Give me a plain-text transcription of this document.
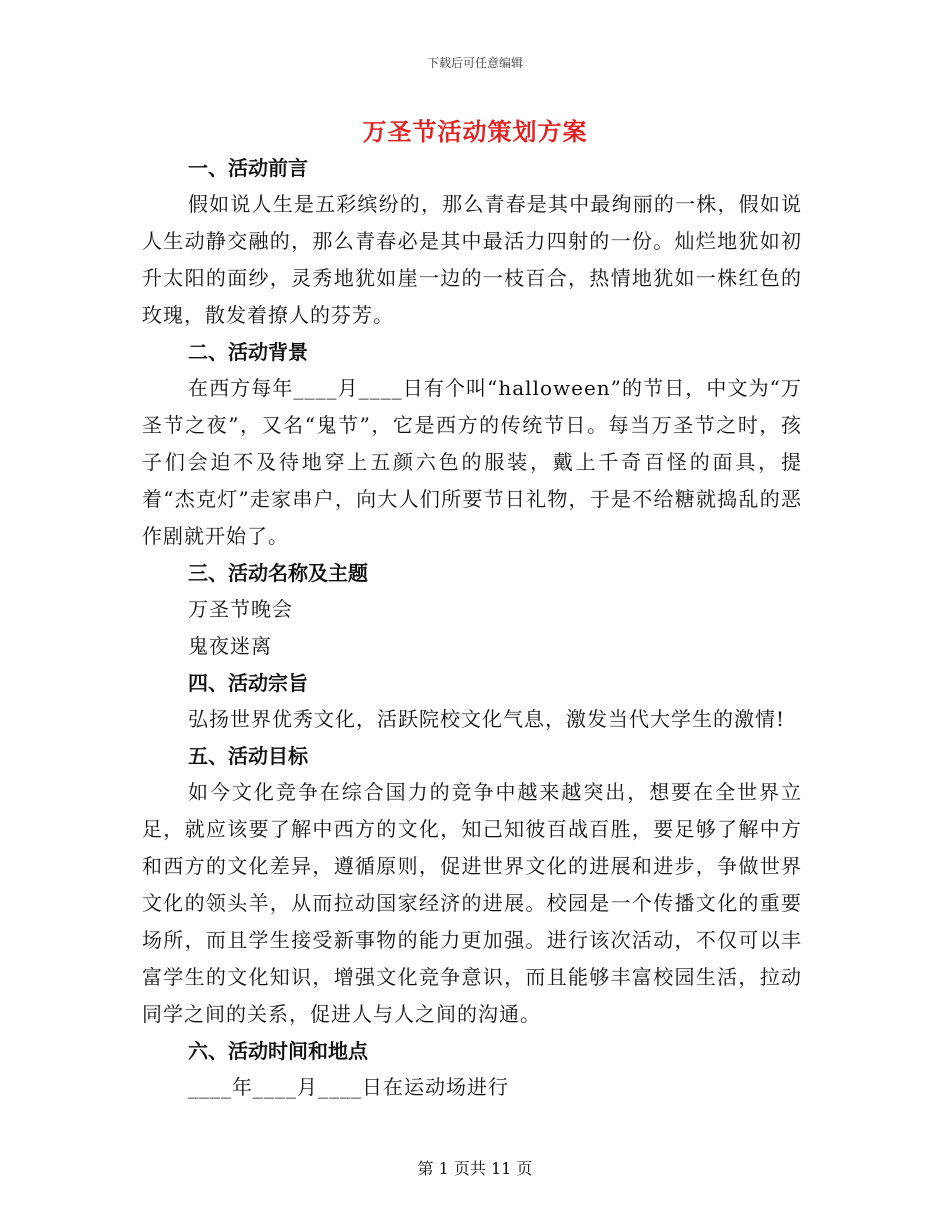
下载后可任意编辑
万圣节活动策划方案
一、活动前言
假如说人生是五彩缤纷的，那么青春是其中最绚丽的一株，假如说人生动静交融的，那么青春必是其中最活力四射的一份。灿烂地犹如初升太阳的面纱，灵秀地犹如崖一边的一枝百合，热情地犹如一株红色的玫瑰，散发着撩人的芬芳。
二、活动背景
在西方每年____月____日有个叫“halloween”的节日，中文为“万圣节之夜”，又名“鬼节”，它是西方的传统节日。每当万圣节之时，孩子们会迫不及待地穿上五颜六色的服装，戴上千奇百怪的面具，提着“杰克灯”走家串户，向大人们所要节日礼物，于是不给糖就捣乱的恶作剧就开始了。
三、活动名称及主题
万圣节晚会
鬼夜迷离
四、活动宗旨
弘扬世界优秀文化，活跃院校文化气息，激发当代大学生的激情!
五、活动目标
如今文化竞争在综合国力的竞争中越来越突出，想要在全世界立足，就应该要了解中西方的文化，知己知彼百战百胜，要足够了解中方和西方的文化差异，遵循原则，促进世界文化的进展和进步，争做世界文化的领头羊，从而拉动国家经济的进展。校园是一个传播文化的重要场所，而且学生接受新事物的能力更加强。进行该次活动，不仅可以丰富学生的文化知识，增强文化竞争意识，而且能够丰富校园生活，拉动同学之间的关系，促进人与人之间的沟通。
六、活动时间和地点
____年____月____日在运动场进行
第 1 页共 11 页
